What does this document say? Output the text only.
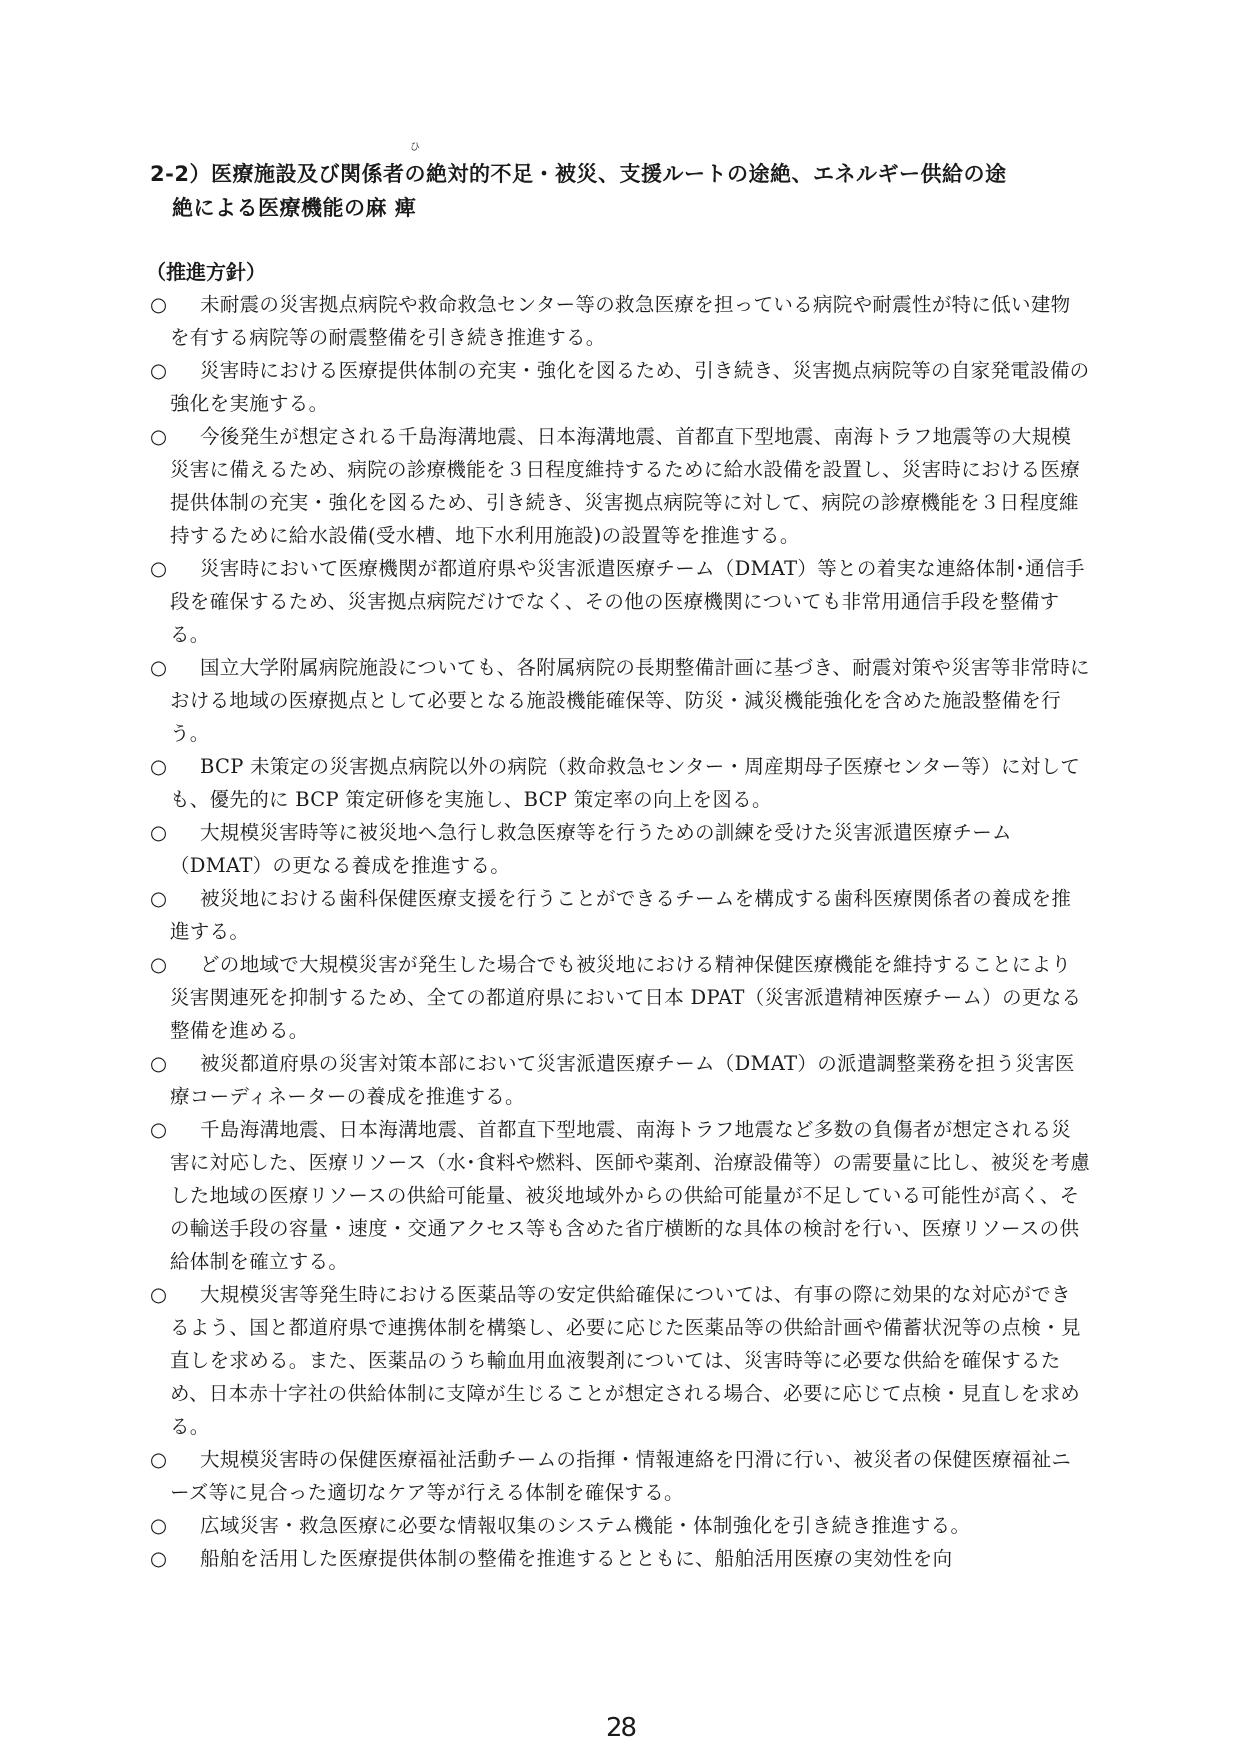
2-2）医療施設及び関係者
ひ
の絶対的不足・被災、支援ルートの途絶、エネルギー供給の途
絶による医療機能の麻 痺
（推進方針）
○	未耐震の災害拠点病院や救命救急センター等の救急医療を担っている病院や耐震性が特に低い建物を有する病院等の耐震整備を引き続き推進する。
○	災害時における医療提供体制の充実・強化を図るため、引き続き、災害拠点病院等の自家発電設備の強化を実施する。
○	今後発生が想定される千島海溝地震、日本海溝地震、首都直下型地震、南海トラフ地震等の大規模災害に備えるため、病院の診療機能を３日程度維持するために給水設備を設置し、災害時における医療提供体制の充実・強化を図るため、引き続き、災害拠点病院等に対して、病院の診療機能を３日程度維持するために給水設備(受水槽、地下水利用施設)の設置等を推進する。
○	災害時において医療機関が都道府県や災害派遣医療チーム（DMAT）等との着実な連絡体制･通信手段を確保するため、災害拠点病院だけでなく、その他の医療機関についても非常用通信手段を整備する。
○	国立大学附属病院施設についても、各附属病院の長期整備計画に基づき、耐震対策や災害等非常時における地域の医療拠点として必要となる施設機能確保等、防災・減災機能強化を含めた施設整備を行う。
○	BCP 未策定の災害拠点病院以外の病院（救命救急センター・周産期母子医療センター等）に対しても、優先的に BCP 策定研修を実施し、BCP 策定率の向上を図る。
○	大規模災害時等に被災地へ急行し救急医療等を行うための訓練を受けた災害派遣医療チーム（DMAT）の更なる養成を推進する。
○	被災地における歯科保健医療支援を行うことができるチームを構成する歯科医療関係者の養成を推進する。
○	どの地域で大規模災害が発生した場合でも被災地における精神保健医療機能を維持することにより災害関連死を抑制するため、全ての都道府県において日本 DPAT（災害派遣精神医療チーム）の更なる整備を進める。
○	被災都道府県の災害対策本部において災害派遣医療チーム（DMAT）の派遣調整業務を担う災害医療コーディネーターの養成を推進する。
○	千島海溝地震、日本海溝地震、首都直下型地震、南海トラフ地震など多数の負傷者が想定される災害に対応した、医療リソース（水･食料や燃料、医師や薬剤、治療設備等）の需要量に比し、被災を考慮した地域の医療リソースの供給可能量、被災地域外からの供給可能量が不足している可能性が高く、その輸送手段の容量・速度・交通アクセス等も含めた省庁横断的な具体の検討を行い、医療リソースの供給体制を確立する。
○	大規模災害等発生時における医薬品等の安定供給確保については、有事の際に効果的な対応ができるよう、国と都道府県で連携体制を構築し、必要に応じた医薬品等の供給計画や備蓄状況等の点検・見直しを求める。また、医薬品のうち輸血用血液製剤については、災害時等に必要な供給を確保するため、日本赤十字社の供給体制に支障が生じることが想定される場合、必要に応じて点検・見直しを求める。
○	大規模災害時の保健医療福祉活動チームの指揮・情報連絡を円滑に行い、被災者の保健医療福祉ニーズ等に見合った適切なケア等が行える体制を確保する。
○	広域災害・救急医療に必要な情報収集のシステム機能・体制強化を引き続き推進する。
○	船舶を活用した医療提供体制の整備を推進するとともに、船舶活用医療の実効性を向
28
